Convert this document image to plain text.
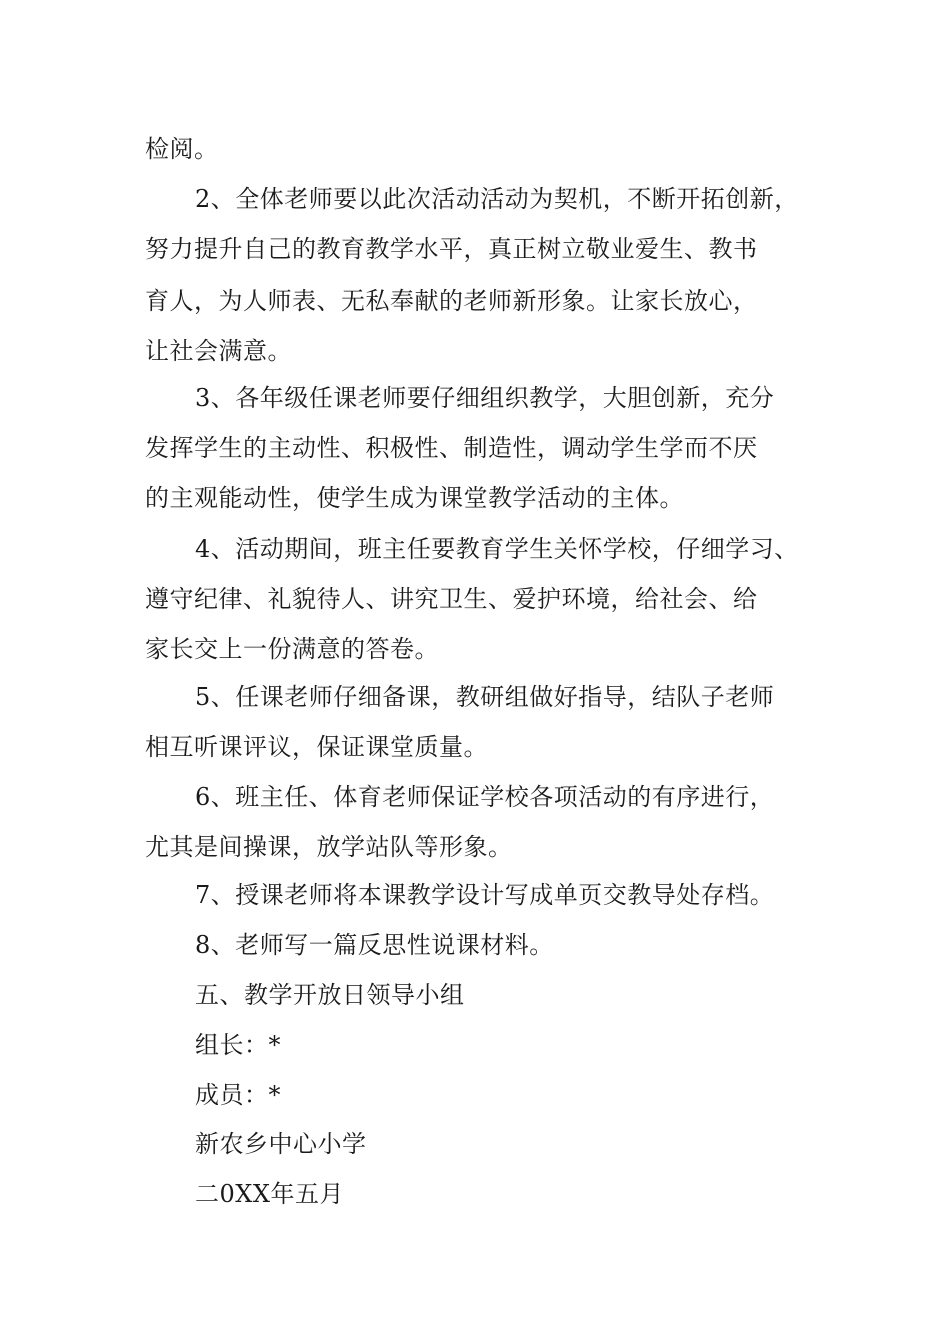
检阅。
2、全体老师要以此次活动活动为契机，不断开拓创新，
努力提升自己的教育教学水平，真正树立敬业爱生、教书
育人，为人师表、无私奉献的老师新形象。让家长放心，
让社会满意。
3、各年级任课老师要仔细组织教学，大胆创新，充分
发挥学生的主动性、积极性、制造性，调动学生学而不厌
的主观能动性，使学生成为课堂教学活动的主体。
4、活动期间，班主任要教育学生关怀学校，仔细学习、
遵守纪律、礼貌待人、讲究卫生、爱护环境，给社会、给
家长交上一份满意的答卷。
5、任课老师仔细备课，教研组做好指导，结队子老师
相互听课评议，保证课堂质量。
6、班主任、体育老师保证学校各项活动的有序进行，
尤其是间操课，放学站队等形象。
7、授课老师将本课教学设计写成单页交教导处存档。
8、老师写一篇反思性说课材料。
五、教学开放日领导小组
组长：*
成员：*
新农乡中心小学
二0XX年五月
